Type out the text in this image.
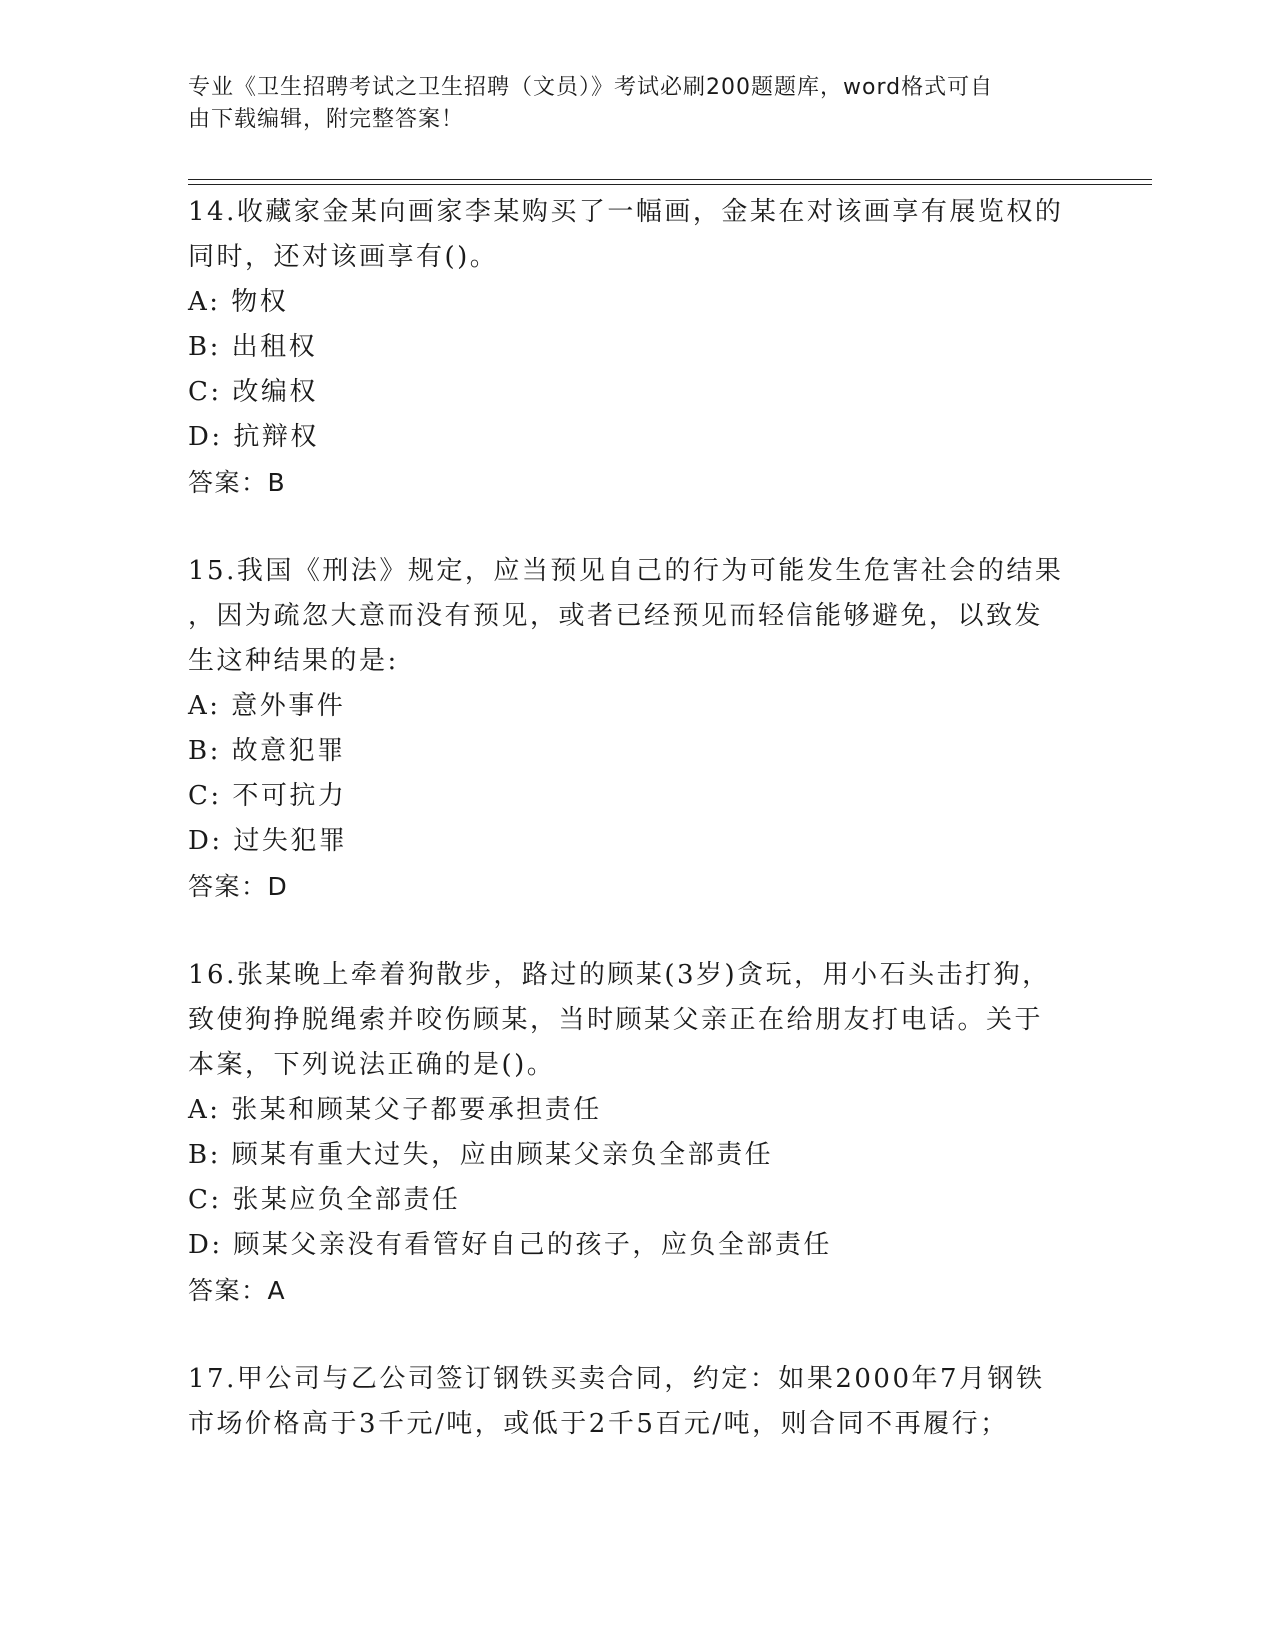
专业《卫生招聘考试之卫生招聘（文员）》考试必刷200题题库，word格式可自
由下载编辑，附完整答案！

14.收藏家金某向画家李某购买了一幅画，金某在对该画享有展览权的

同时，还对该画享有()。

A: 物权

B: 出租权

C: 改编权

D: 抗辩权

答案：B

15.我国《刑法》规定，应当预见自己的行为可能发生危害社会的结果

，因为疏忽大意而没有预见，或者已经预见而轻信能够避免，以致发

生这种结果的是:

A: 意外事件

B: 故意犯罪

C: 不可抗力

D: 过失犯罪

答案：D

16.张某晚上牵着狗散步，路过的顾某(3岁)贪玩，用小石头击打狗，

致使狗挣脱绳索并咬伤顾某，当时顾某父亲正在给朋友打电话。关于

本案，下列说法正确的是()。

A: 张某和顾某父子都要承担责任

B: 顾某有重大过失，应由顾某父亲负全部责任

C: 张某应负全部责任

D: 顾某父亲没有看管好自己的孩子，应负全部责任

答案：A

17.甲公司与乙公司签订钢铁买卖合同，约定：如果2000年7月钢铁

市场价格高于3千元/吨，或低于2千5百元/吨，则合同不再履行；
